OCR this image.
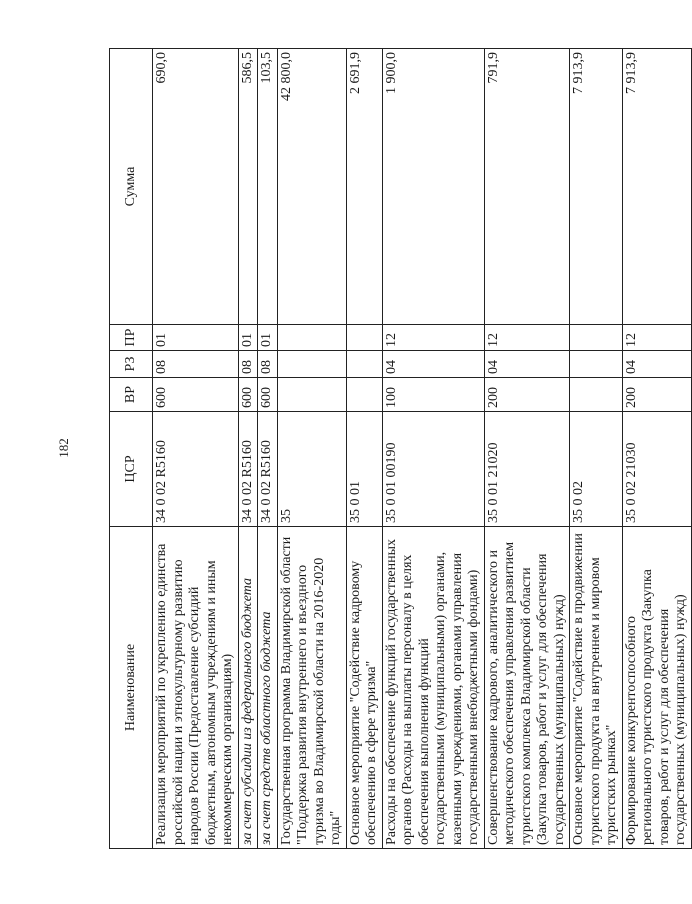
182
Наименование	ЦСР	ВР	РЗ	ПР	Сумма
Реализация мероприятий по укреплению единства российской нации и этнокультурному развитию народов России (Предоставление субсидий бюджетным, автономным учреждениям и иным некоммерческим организациям)	34 0 02 R5160	600	08	01	690,0
за счет субсидии из федерального бюджета	34 0 02 R5160	600	08	01	586,5
за счет средств областного бюджета	34 0 02 R5160	600	08	01	103,5
Государственная программа Владимирской области "Поддержка развития внутреннего и въездного туризма во Владимирской области на 2016-2020 годы"	35				42 800,0
Основное мероприятие "Содействие кадровому обеспечению в сфере туризма"	35 0 01				2 691,9
Расходы на обеспечение функций государственных органов (Расходы на выплаты персоналу в целях обеспечения выполнения функций государственными (муниципальными) органами, казенными учреждениями, органами управления государственными внебюджетными фондами)	35 0 01 00190	100	04	12	1 900,0
Совершенствование кадрового, аналитического и методического обеспечения управления развитием туристского комплекса Владимирской области (Закупка товаров, работ и услуг для обеспечения государственных (муниципальных) нужд)	35 0 01 21020	200	04	12	791,9
Основное мероприятие "Содействие в продвижении туристского продукта на внутреннем и мировом туристских рынках"	35 0 02				7 913,9
Формирование конкурентоспособного регионального туристского продукта (Закупка товаров, работ и услуг для обеспечения государственных (муниципальных) нужд)	35 0 02 21030	200	04	12	7 913,9
